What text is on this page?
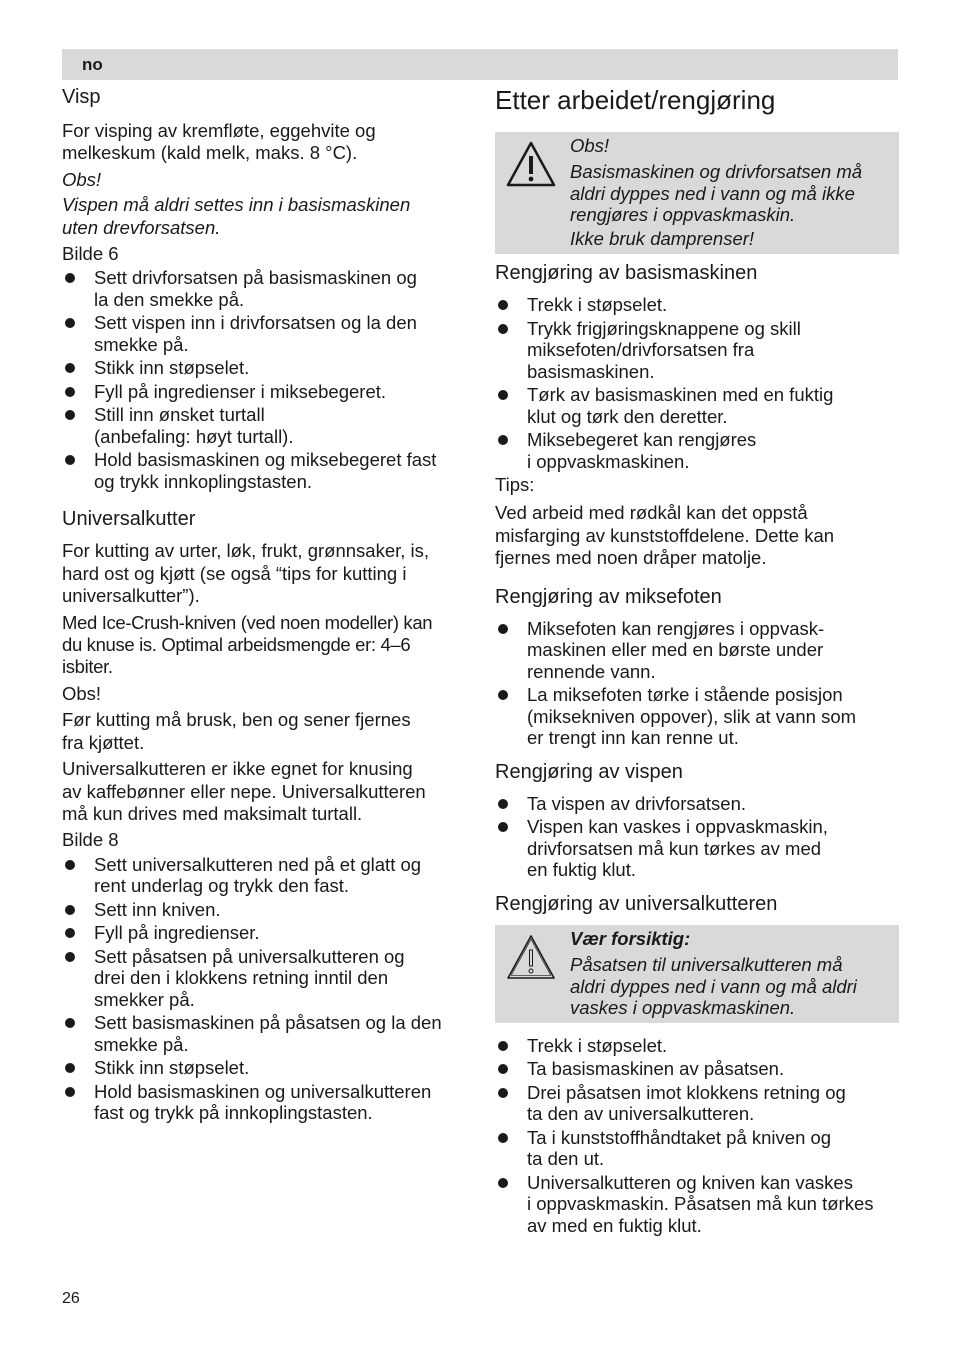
no
Visp

For visping av kremfløte, eggehvite og
melkeskum (kald melk, maks. 8 °C).

Obs!

Vispen må aldri settes inn i basismaskinen
uten drevforsatsen.

Bilde 6

Sett drivforsatsen på basismaskinen og
la den smekke på.
Sett vispen inn i drivforsatsen og la den
smekke på.
Stikk inn støpselet.
Fyll på ingredienser i miksebegeret.
Still inn ønsket turtall
(anbefaling: høyt turtall).
Hold basismaskinen og miksebegeret fast
og trykk innkoplingstasten.
Universalkutter

For kutting av urter, løk, frukt, grønnsaker, is,
hard ost og kjøtt (se også “tips for kutting i
universalkutter”).

Med Ice-Crush-kniven (ved noen modeller) kan
du knuse is. Optimal arbeidsmengde er: 4–6
isbiter.

Obs!

Før kutting må brusk, ben og sener fjernes
fra kjøttet.

Universalkutteren er ikke egnet for knusing
av kaffebønner eller nepe. Universalkutteren
må kun drives med maksimalt turtall.

Bilde 8

Sett universalkutteren ned på et glatt og
rent underlag og trykk den fast.
Sett inn kniven.
Fyll på ingredienser.
Sett påsatsen på universalkutteren og
drei den i klokkens retning inntil den
smekker på.
Sett basismaskinen på påsatsen og la den
smekke på.
Stikk inn støpselet.
Hold basismaskinen og universalkutteren
fast og trykk på innkoplingstasten.
Etter arbeidet/rengjøring

Obs!

Basismaskinen og drivforsatsen må
aldri dyppes ned i vann og må ikke
rengjøres i oppvaskmaskin.

Ikke bruk damprenser!

Rengjøring av basismaskinen
Trekk i støpselet.
Trykk frigjøringsknappene og skill
miksefoten/drivforsatsen fra
basismaskinen.
Tørk av basismaskinen med en fuktig
klut og tørk den deretter.
Miksebegeret kan rengjøres
i oppvaskmaskinen.

Tips:

Ved arbeid med rødkål kan det oppstå
misfarging av kunststoffdelene. Dette kan
fjernes med noen dråper matolje.

Rengjøring av miksefoten
Miksefoten kan rengjøres i oppvask-
maskinen eller med en børste under
rennende vann.
La miksefoten tørke i stående posisjon
(miksekniven oppover), slik at vann som
er trengt inn kan renne ut.
Rengjøring av vispen
Ta vispen av drivforsatsen.
Vispen kan vaskes i oppvaskmaskin,
drivforsatsen må kun tørkes av med
en fuktig klut.
Rengjøring av universalkutteren

Vær forsiktig:

Påsatsen til universalkutteren må
aldri dyppes ned i vann og må aldri
vaskes i oppvaskmaskinen.

Trekk i støpselet.
Ta basismaskinen av påsatsen.
Drei påsatsen imot klokkens retning og
ta den av universalkutteren.
Ta i kunststoffhåndtaket på kniven og
ta den ut.
Universalkutteren og kniven kan vaskes
i oppvaskmaskin. Påsatsen må kun tørkes
av med en fuktig klut.
26
